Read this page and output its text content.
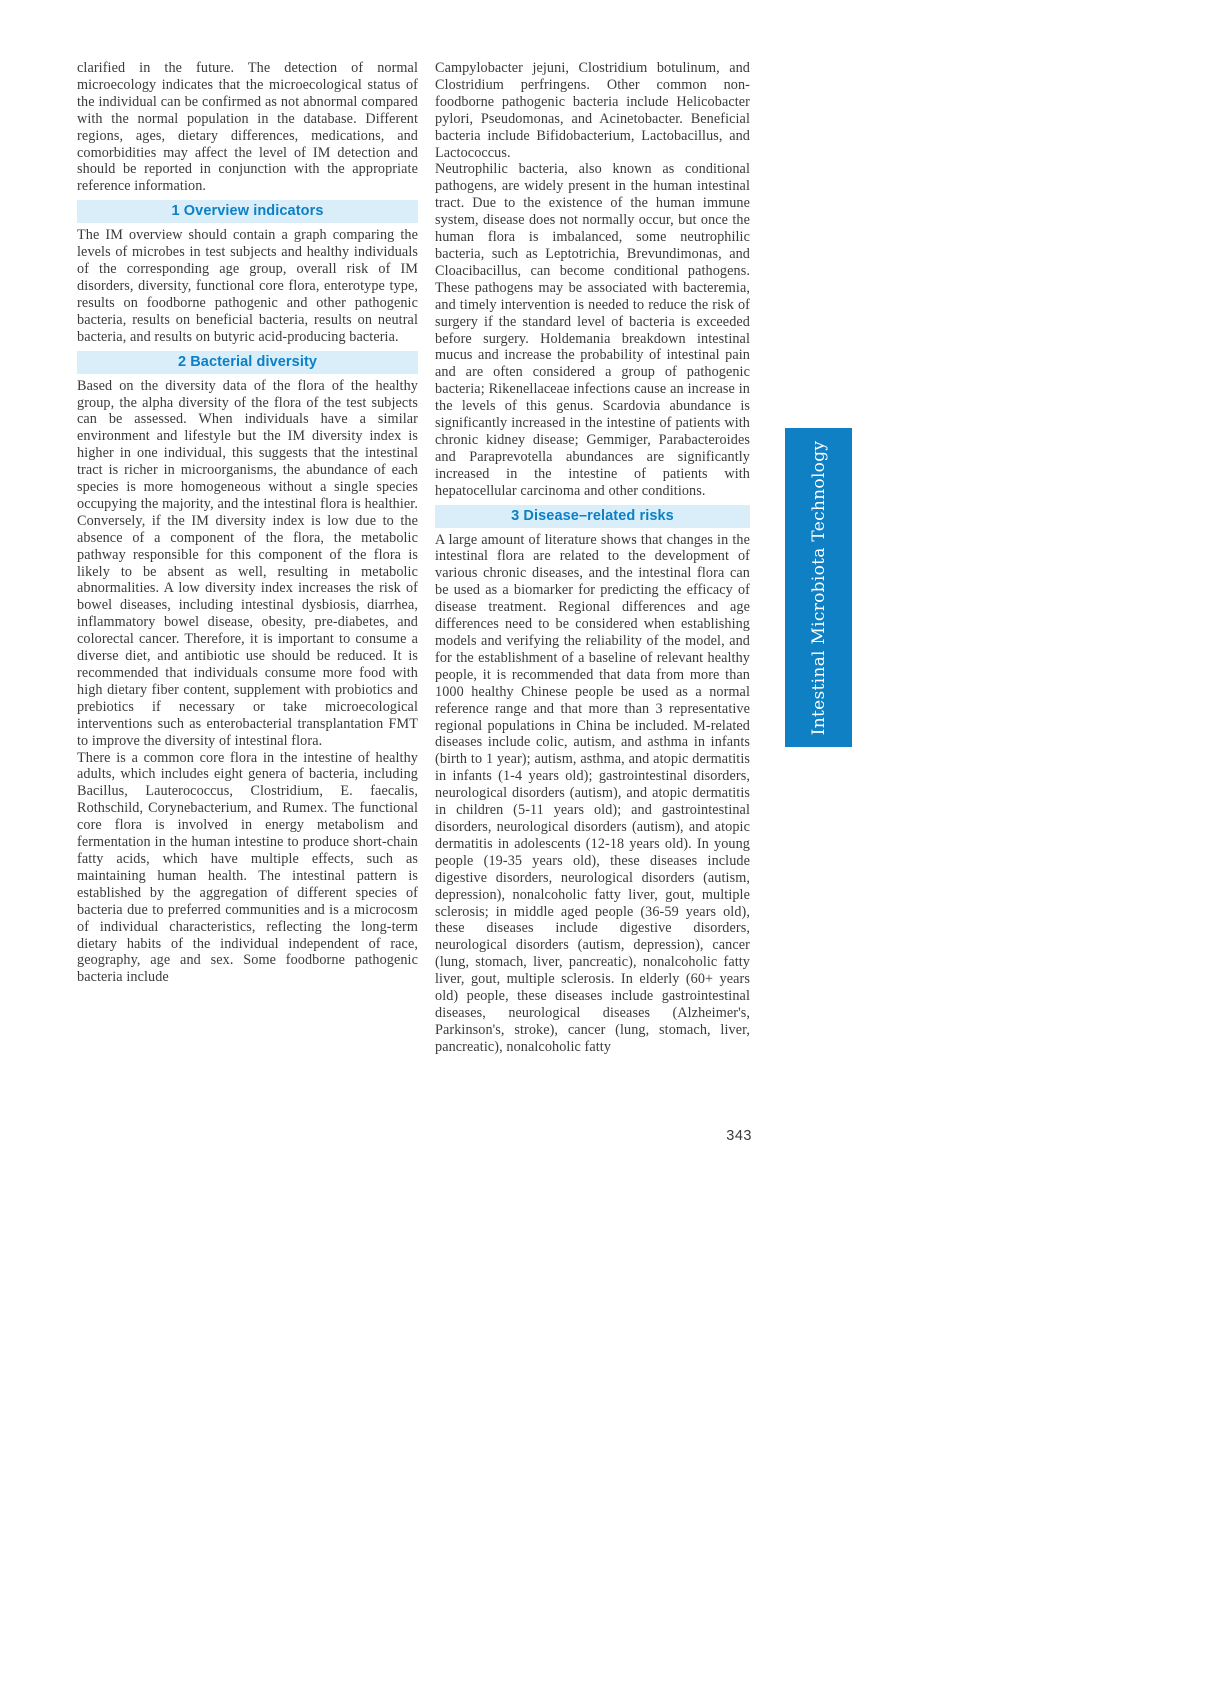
clarified in the future. The detection of normal microecology indicates that the microecological status of the individual can be confirmed as not abnormal compared with the normal population in the database. Different regions, ages, dietary differences, medications, and comorbidities may affect the level of IM detection and should be reported in conjunction with the appropriate reference information.

1 Overview indicators

The IM overview should contain a graph comparing the levels of microbes in test subjects and healthy individuals of the corresponding age group, overall risk of IM disorders, diversity, functional core flora, enterotype type, results on foodborne pathogenic and other pathogenic bacteria, results on beneficial bacteria, results on neutral bacteria, and results on butyric acid-producing bacteria.

2 Bacterial diversity

Based on the diversity data of the flora of the healthy group, the alpha diversity of the flora of the test subjects can be assessed. When individuals have a similar environment and lifestyle but the IM diversity index is higher in one individual, this suggests that the intestinal tract is richer in microorganisms, the abundance of each species is more homogeneous without a single species occupying the majority, and the intestinal flora is healthier. Conversely, if the IM diversity index is low due to the absence of a component of the flora, the metabolic pathway responsible for this component of the flora is likely to be absent as well, resulting in metabolic abnormalities. A low diversity index increases the risk of bowel diseases, including intestinal dysbiosis, diarrhea, inflammatory bowel disease, obesity, pre-diabetes, and colorectal cancer. Therefore, it is important to consume a diverse diet, and antibiotic use should be reduced. It is recommended that individuals consume more food with high dietary fiber content, supplement with probiotics and prebiotics if necessary or take microecological interventions such as enterobacterial transplantation FMT to improve the diversity of intestinal flora.

There is a common core flora in the intestine of healthy adults, which includes eight genera of bacteria, including Bacillus, Lauterococcus, Clostridium, E. faecalis, Rothschild, Corynebacterium, and Rumex. The functional core flora is involved in energy metabolism and fermentation in the human intestine to produce short-chain fatty acids, which have multiple effects, such as maintaining human health. The intestinal pattern is established by the aggregation of different species of bacteria due to preferred communities and is a microcosm of individual characteristics, reflecting the long-term dietary habits of the individual independent of race, geography, age and sex. Some foodborne pathogenic bacteria include

Campylobacter jejuni, Clostridium botulinum, and Clostridium perfringens. Other common non-foodborne pathogenic bacteria include Helicobacter pylori, Pseudomonas, and Acinetobacter. Beneficial bacteria include Bifidobacterium, Lactobacillus, and Lactococcus.

Neutrophilic bacteria, also known as conditional pathogens, are widely present in the human intestinal tract. Due to the existence of the human immune system, disease does not normally occur, but once the human flora is imbalanced, some neutrophilic bacteria, such as Leptotrichia, Brevundimonas, and Cloacibacillus, can become conditional pathogens. These pathogens may be associated with bacteremia, and timely intervention is needed to reduce the risk of surgery if the standard level of bacteria is exceeded before surgery. Holdemania breakdown intestinal mucus and increase the probability of intestinal pain and are often considered a group of pathogenic bacteria; Rikenellaceae infections cause an increase in the levels of this genus. Scardovia abundance is significantly increased in the intestine of patients with chronic kidney disease; Gemmiger, Parabacteroides and Paraprevotella abundances are significantly increased in the intestine of patients with hepatocellular carcinoma and other conditions.

3 Disease–related risks

A large amount of literature shows that changes in the intestinal flora are related to the development of various chronic diseases, and the intestinal flora can be used as a biomarker for predicting the efficacy of disease treatment. Regional differences and age differences need to be considered when establishing models and verifying the reliability of the model, and for the establishment of a baseline of relevant healthy people, it is recommended that data from more than 1000 healthy Chinese people be used as a normal reference range and that more than 3 representative regional populations in China be included. M-related diseases include colic, autism, and asthma in infants (birth to 1 year); autism, asthma, and atopic dermatitis in infants (1-4 years old); gastrointestinal disorders, neurological disorders (autism), and atopic dermatitis in children (5-11 years old); and gastrointestinal disorders, neurological disorders (autism), and atopic dermatitis in adolescents (12-18 years old). In young people (19-35 years old), these diseases include digestive disorders, neurological disorders (autism, depression), nonalcoholic fatty liver, gout, multiple sclerosis; in middle aged people (36-59 years old), these diseases include digestive disorders, neurological disorders (autism, depression), cancer (lung, stomach, liver, pancreatic), nonalcoholic fatty liver, gout, multiple sclerosis. In elderly (60+ years old) people, these diseases include gastrointestinal diseases, neurological diseases (Alzheimer's, Parkinson's, stroke), cancer (lung, stomach, liver, pancreatic), nonalcoholic fatty

Intestinal Microbiota Technology
343
